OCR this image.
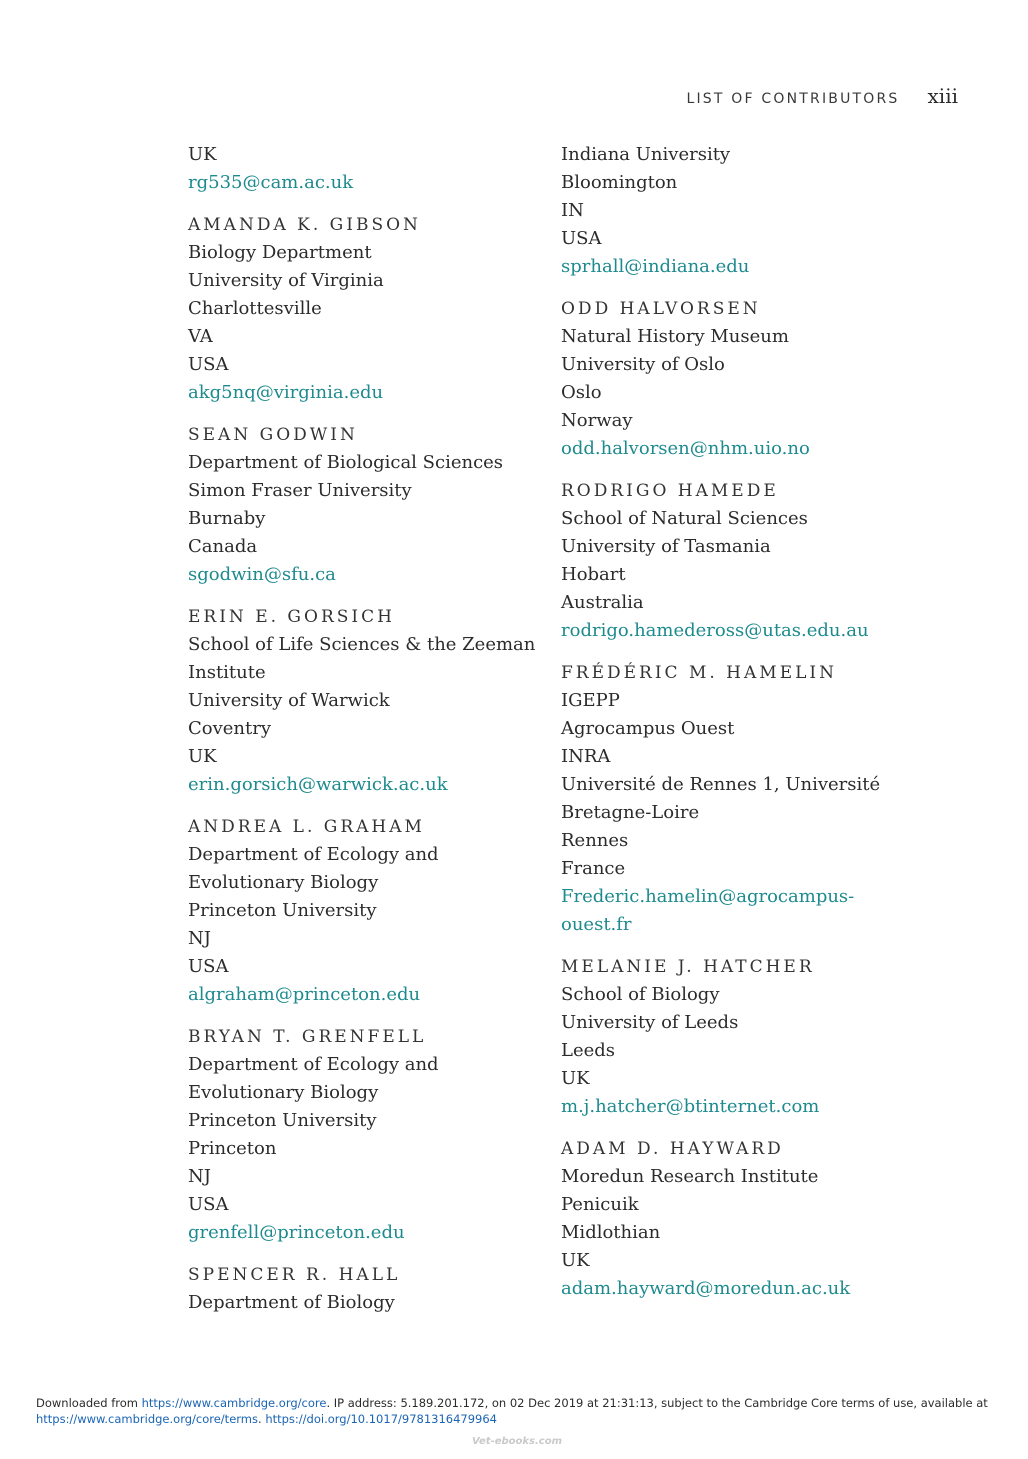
LIST OF CONTRIBUTORS xiii
UK
rg535@cam.ac.uk
AMANDA K. GIBSON
Biology Department
University of Virginia
Charlottesville
VA
USA
akg5nq@virginia.edu
SEAN GODWIN
Department of Biological Sciences
Simon Fraser University
Burnaby
Canada
sgodwin@sfu.ca
ERIN E. GORSICH
School of Life Sciences & the Zeeman
Institute
University of Warwick
Coventry
UK
erin.gorsich@warwick.ac.uk
ANDREA L. GRAHAM
Department of Ecology and
Evolutionary Biology
Princeton University
NJ
USA
algraham@princeton.edu
BRYAN T. GRENFELL
Department of Ecology and
Evolutionary Biology
Princeton University
Princeton
NJ
USA
grenfell@princeton.edu
SPENCER R. HALL
Department of Biology
Indiana University
Bloomington
IN
USA
sprhall@indiana.edu
ODD HALVORSEN
Natural History Museum
University of Oslo
Oslo
Norway
odd.halvorsen@nhm.uio.no
RODRIGO HAMEDE
School of Natural Sciences
University of Tasmania
Hobart
Australia
rodrigo.hamedeross@utas.edu.au
FRÉDÉRIC M. HAMELIN
IGEPP
Agrocampus Ouest
INRA
Université de Rennes 1, Université
Bretagne-Loire
Rennes
France
Frederic.hamelin@agrocampus-
ouest.fr
MELANIE J. HATCHER
School of Biology
University of Leeds
Leeds
UK
m.j.hatcher@btinternet.com
ADAM D. HAYWARD
Moredun Research Institute
Penicuik
Midlothian
UK
adam.hayward@moredun.ac.uk
Downloaded from https://www.cambridge.org/core. IP address: 5.189.201.172, on 02 Dec 2019 at 21:31:13, subject to the Cambridge Core terms of use, available at
https://www.cambridge.org/core/terms. https://doi.org/10.1017/9781316479964
Vet-ebooks.com
